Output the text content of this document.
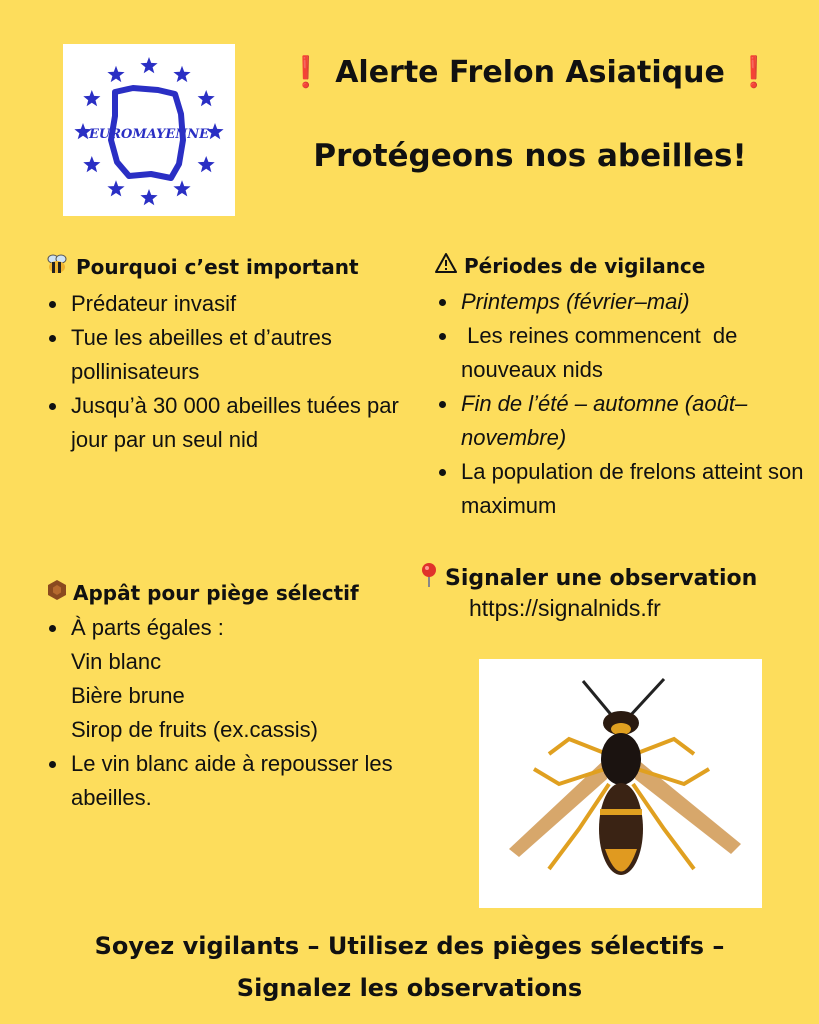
EUROMAYENNE
❗ Alerte Frelon Asiatique ❗
Protégeons nos abeilles!
Pourquoi c’est important
Prédateur invasif
Tue les abeilles et d’autres pollinisateurs
Jusqu’à 30 000 abeilles tuées par jour par un seul nid
Périodes de vigilance
Printemps (février–mai)
Les reines commencent  de nouveaux nids
Fin de l’été – automne (août–novembre)
La population de frelons atteint son maximum
Appât pour piège sélectif
À parts égales :
Vin blanc
Bière brune
Sirop de fruits (ex.cassis)
Le vin blanc aide à repousser les abeilles.
Signaler une observation
https://signalnids.fr
Soyez vigilants – Utilisez des pièges sélectifs –
Signalez les observations
